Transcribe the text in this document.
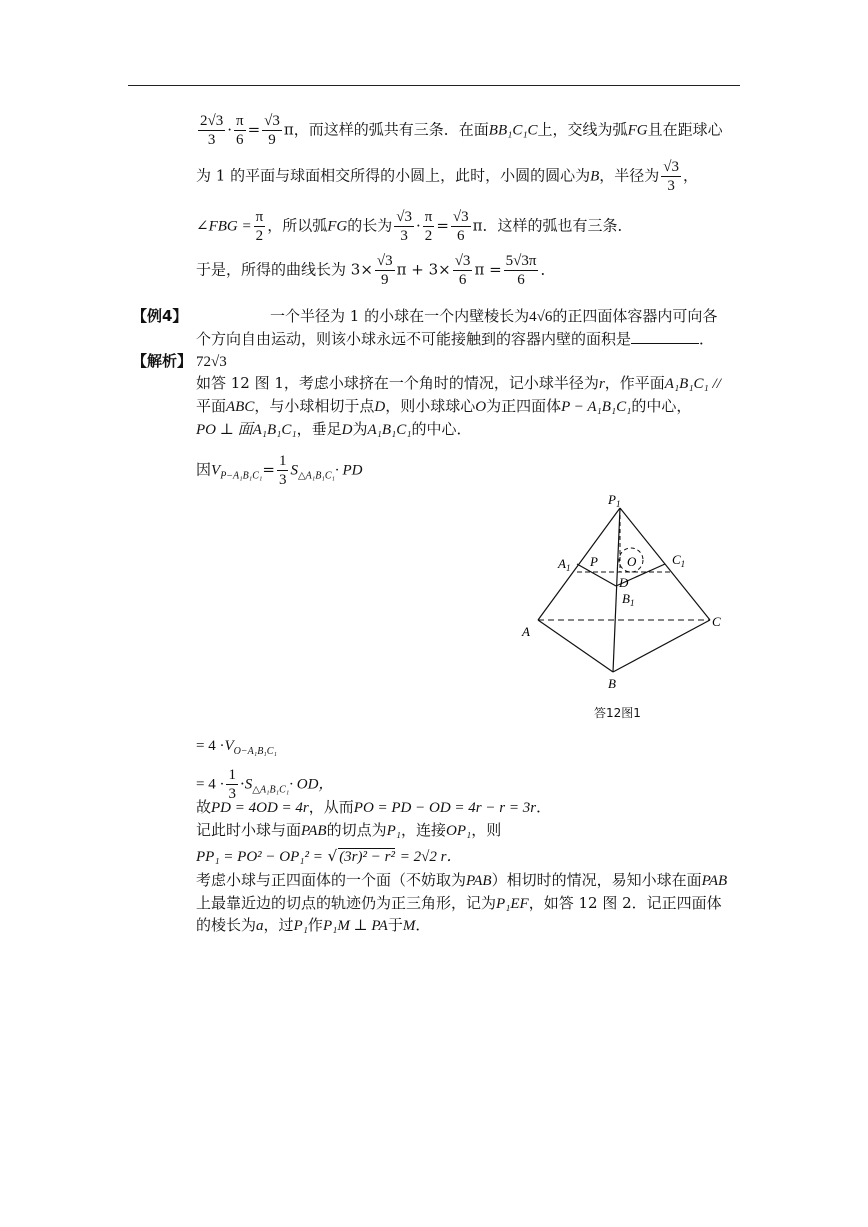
$\frac{2√3}{3} \cdot \frac{\pi}{6} = \frac{√3}{9}$ π，而这样的弧共有三条．在面BB₁C₁C上，交线为弧FG且在距球心
为 1 的平面与球面相交所得的小圆上，此时，小圆的圆心为B，半径为 $\frac{√3}{3}$ ，
∠FBG = $\frac{\pi}{2}$ ，所以弧FG的长为 $\frac{√3}{3} \cdot \frac{\pi}{2} = \frac{√3}{6}$ π．这样的弧也有三条．
于是，所得的曲线长为 $3\times \frac{√3}{9}$ $\pi + 3\times \frac{√3}{6}$ $\pi = \frac{5√3\pi}{6}$ ．
【例4】	一个半径为 1 的小球在一个内壁棱长为4√6的正四面体容器内可向各
个方向自由运动，则该小球永远不可能接触到的容器内壁的面积是	．
【解析】 72√3
如答 12 图 1，考虑小球挤在一个角时的情况，记小球半径为r，作平面A₁B₁C₁ //
平面ABC，与小球相切于点D，则小球球心O为正四面体P − A₁B₁C₁的中心，
PO ⊥ 面A₁B₁C₁，垂足D为A₁B₁C₁的中心．
因$V_{P-A_1B_1C_1}= \frac{1}{3} S_{\triangle A_1B_1C_1}\cdot$ PD
$P_1$
$A_1$
$C_1$
P O
D
$B_1$
A
C
B
答12图1
= $4 \cdot V_{O-A_1B_1C_1}$
= $4 \cdot \frac{1}{3} \cdot S_{\triangle A_1B_1C_1}\cdot$ OD，
故PD = 4OD = 4r，从而PO = PD − OD = 4r − r = 3r．
记此时小球与面PAB的切点为P₁，连接OP₁，则
PP₁ = PO² − OP₁² = √ (3r)² − r² = 2√2 r．
考虑小球与正四面体的一个面（不妨取为PAB）相切时的情况，易知小球在面PAB
上最靠近边的切点的轨迹仍为正三角形，记为P₁EF，如答 12 图 2．记正四面体
的棱长为a，过P₁作P₁M ⊥ PA于M．
